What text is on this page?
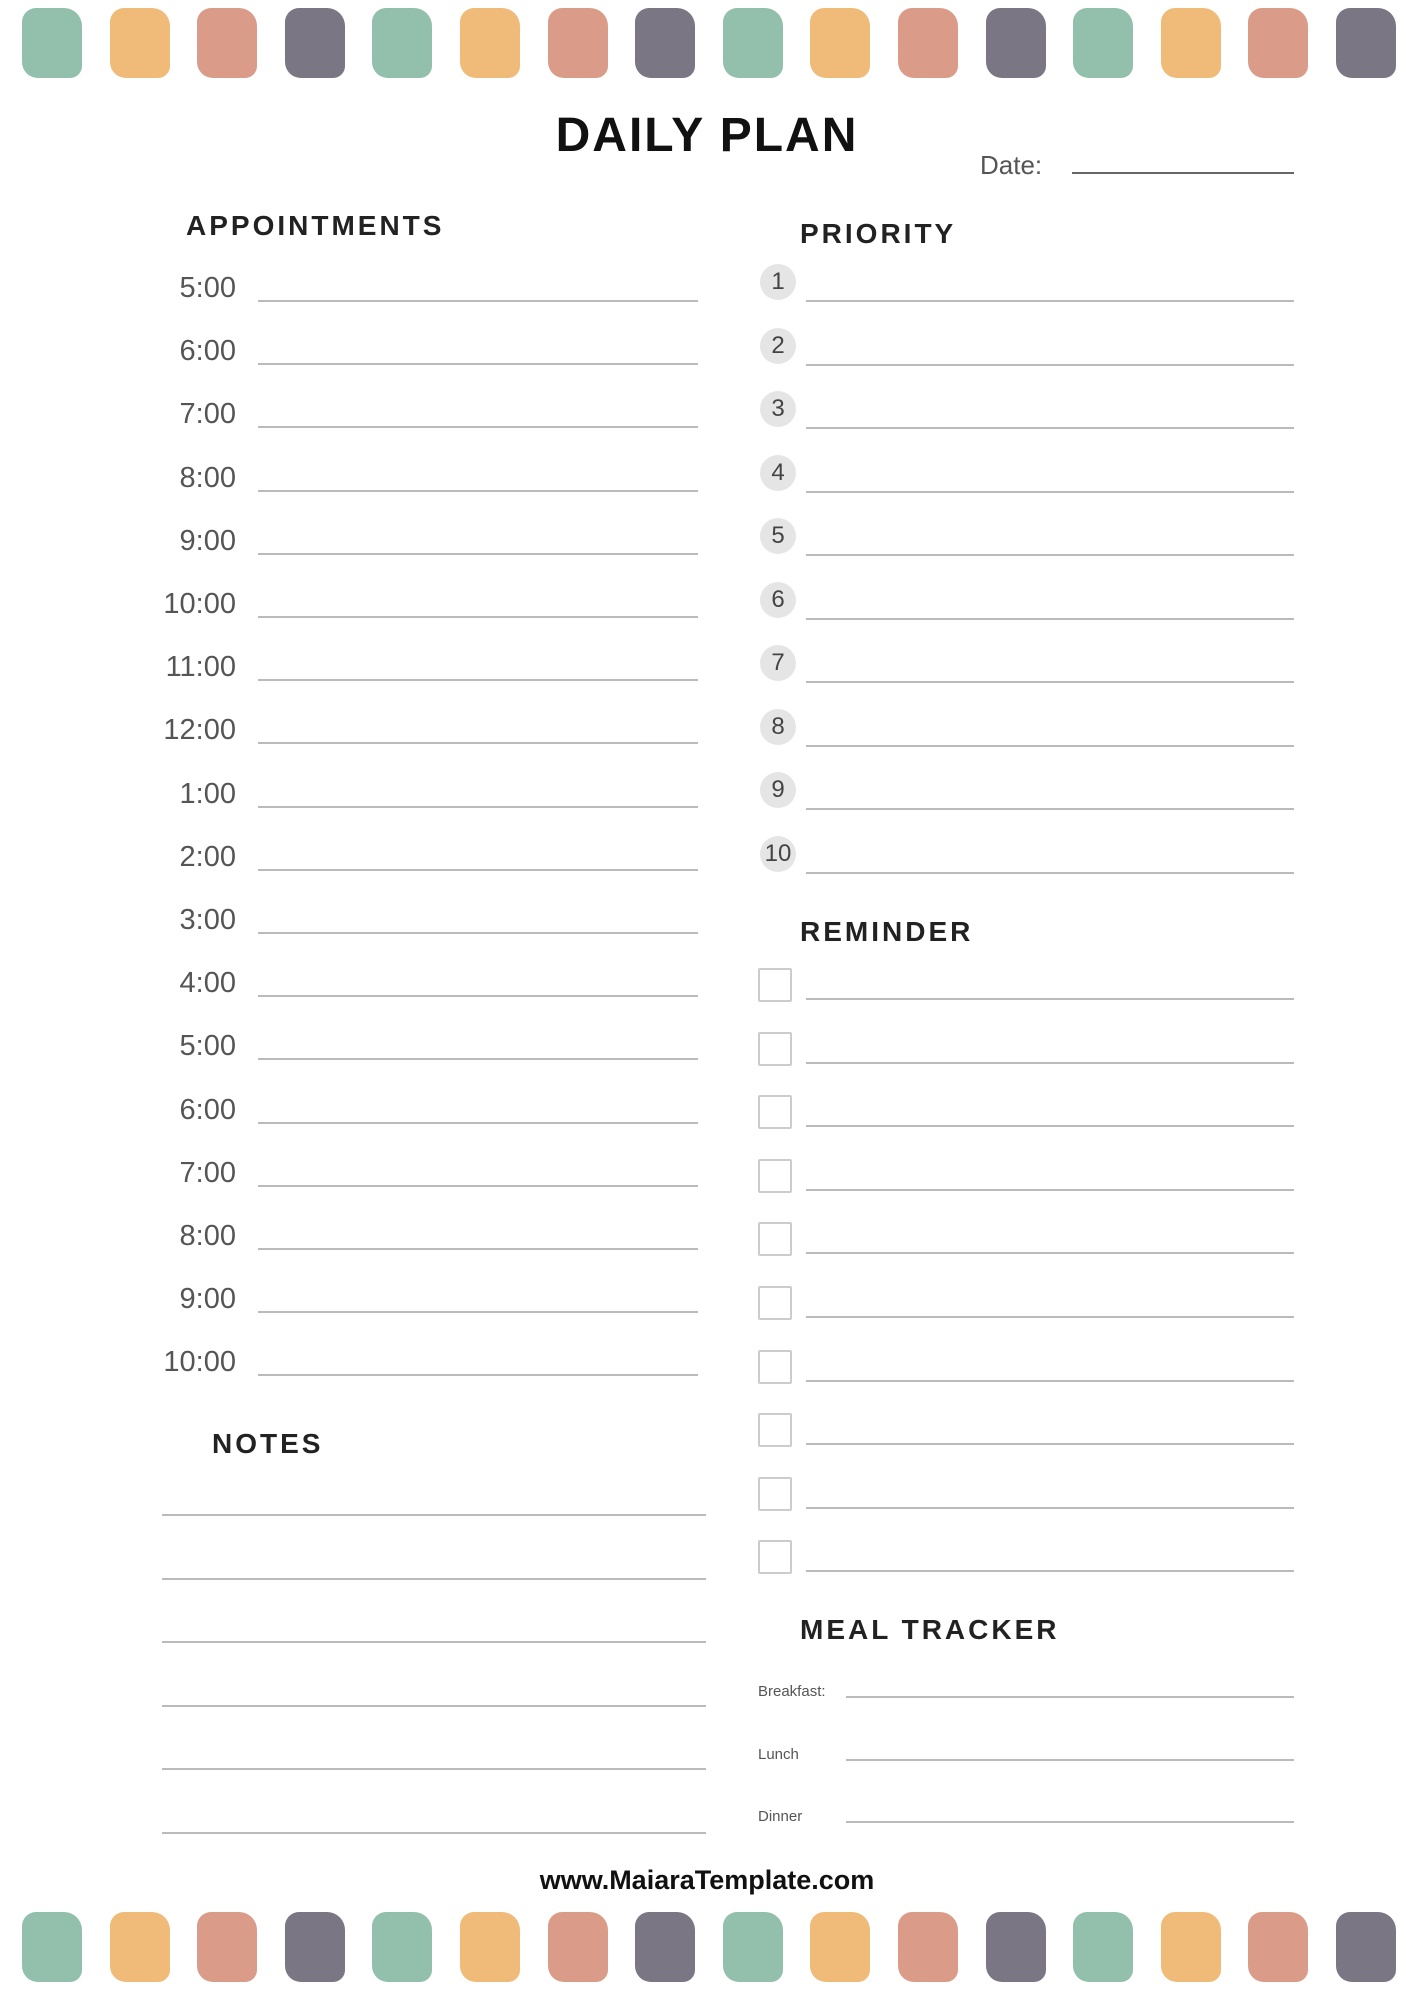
DAILY PLAN
Date:
APPOINTMENTS
5:00
6:00
7:00
8:00
9:00
10:00
11:00
12:00
1:00
2:00
3:00
4:00
5:00
6:00
7:00
8:00
9:00
10:00
NOTES
PRIORITY
1
2
3
4
5
6
7
8
9
10
REMINDER
MEAL TRACKER
Breakfast:
Lunch
Dinner
www.MaiaraTemplate.com
